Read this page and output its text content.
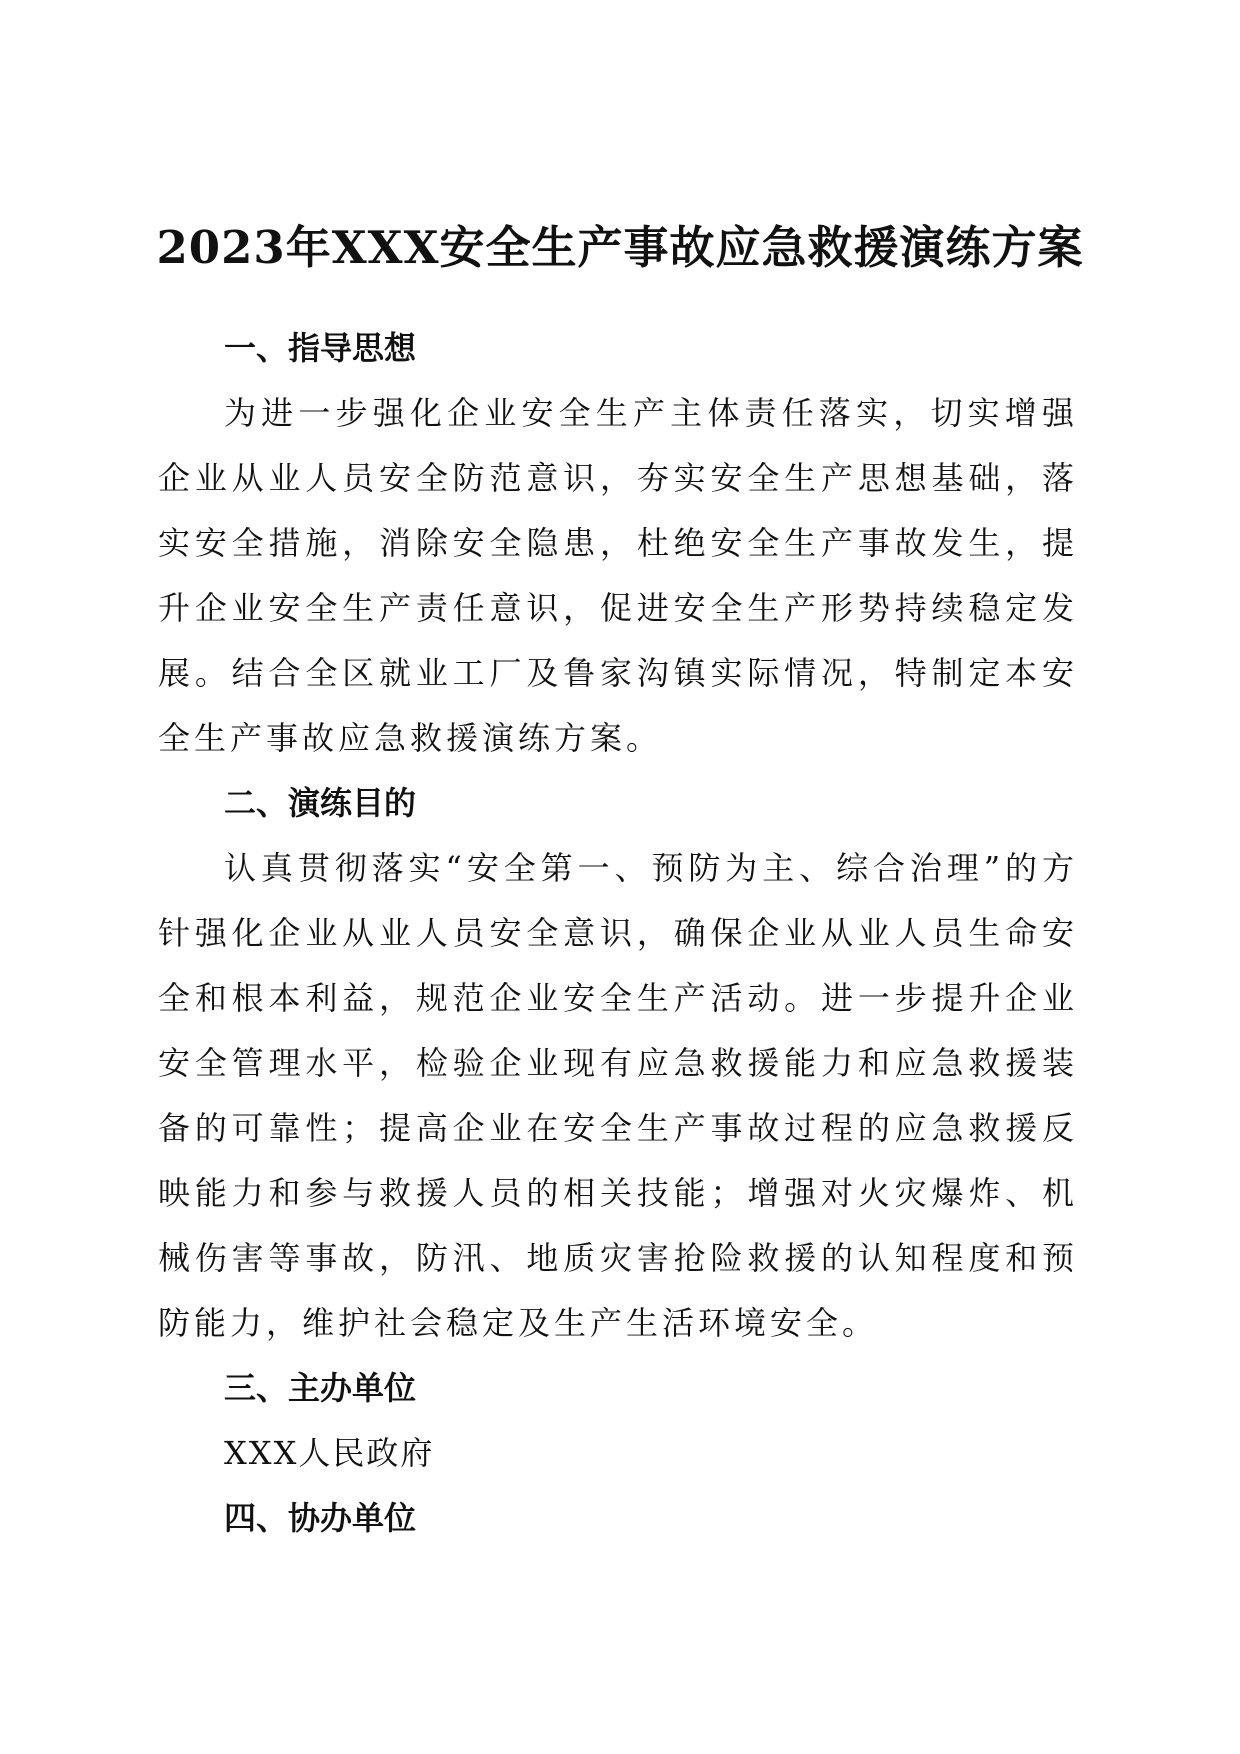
2023年XXX安全生产事故应急救援演练方案

一、指导思想

为进一步强化企业安全生产主体责任落实，切实增强企业从业人员安全防范意识，夯实安全生产思想基础，落实安全措施，消除安全隐患，杜绝安全生产事故发生，提升企业安全生产责任意识，促进安全生产形势持续稳定发展。结合全区就业工厂及鲁家沟镇实际情况，特制定本安全生产事故应急救援演练方案。

二、演练目的

认真贯彻落实“安全第一、预防为主、综合治理”的方针强化企业从业人员安全意识，确保企业从业人员生命安全和根本利益，规范企业安全生产活动。进一步提升企业安全管理水平，检验企业现有应急救援能力和应急救援装备的可靠性；提高企业在安全生产事故过程的应急救援反映能力和参与救援人员的相关技能；增强对火灾爆炸、机械伤害等事故，防汛、地质灾害抢险救援的认知程度和预防能力，维护社会稳定及生产生活环境安全。

三、主办单位

XXX人民政府

四、协办单位
